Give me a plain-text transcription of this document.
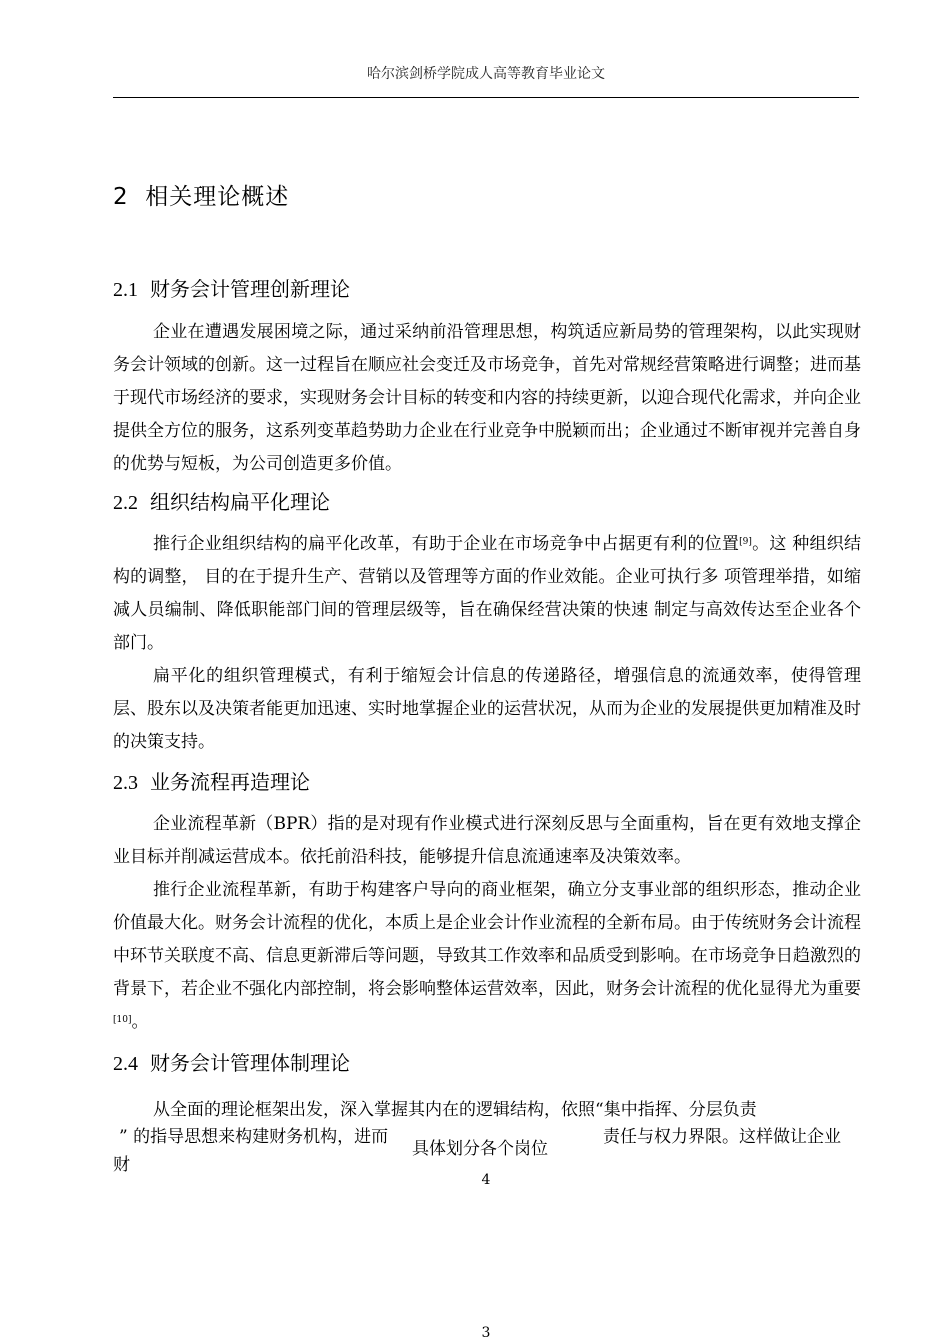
哈尔滨剑桥学院成人高等教育毕业论文
2 相关理论概述
2.1 财务会计管理创新理论

企业在遭遇发展困境之际，通过采纳前沿管理思想，构筑适应新局势的管理架构，以此实现财务会计领域的创新。这一过程旨在顺应社会变迁及市场竞争，首先对常规经营策略进行调整；进而基于现代市场经济的要求，实现财务会计目标的转变和内容的持续更新，以迎合现代化需求，并向企业提供全方位的服务，这系列变革趋势助力企业在行业竞争中脱颖而出；企业通过不断审视并完善自身的优势与短板，为公司创造更多价值。

2.2 组织结构扁平化理论

推行企业组织结构的扁平化改革，有助于企业在市场竞争中占据更有利的位置[9]。这 种组织结构的调整， 目的在于提升生产、营销以及管理等方面的作业效能。企业可执行多 项管理举措，如缩减人员编制、降低职能部门间的管理层级等，旨在确保经营决策的快速 制定与高效传达至企业各个部门。

扁平化的组织管理模式，有利于缩短会计信息的传递路径，增强信息的流通效率，使得管理层、股东以及决策者能更加迅速、实时地掌握企业的运营状况，从而为企业的发展提供更加精准及时的决策支持。

2.3 业务流程再造理论

企业流程革新（BPR）指的是对现有作业模式进行深刻反思与全面重构，旨在更有效地支撑企业目标并削减运营成本。依托前沿科技，能够提升信息流通速率及决策效率。

推行企业流程革新，有助于构建客户导向的商业框架，确立分支事业部的组织形态，推动企业价值最大化。财务会计流程的优化，本质上是企业会计作业流程的全新布局。由于传统财务会计流程中环节关联度不高、信息更新滞后等问题，导致其工作效率和品质受到影响。在市场竞争日趋激烈的背景下，若企业不强化内部控制，将会影响整体运营效率，因此，财务会计流程的优化显得尤为重要[10]。

2.4 财务会计管理体制理论
从全面的理论框架出发，深入掌握其内在的逻辑结构，依照“集中指挥、分层负责
” 的指导思想来构建财务机构，进而
具体划分各个岗位
责任与权力界限。这样做让企业
财
4
3
